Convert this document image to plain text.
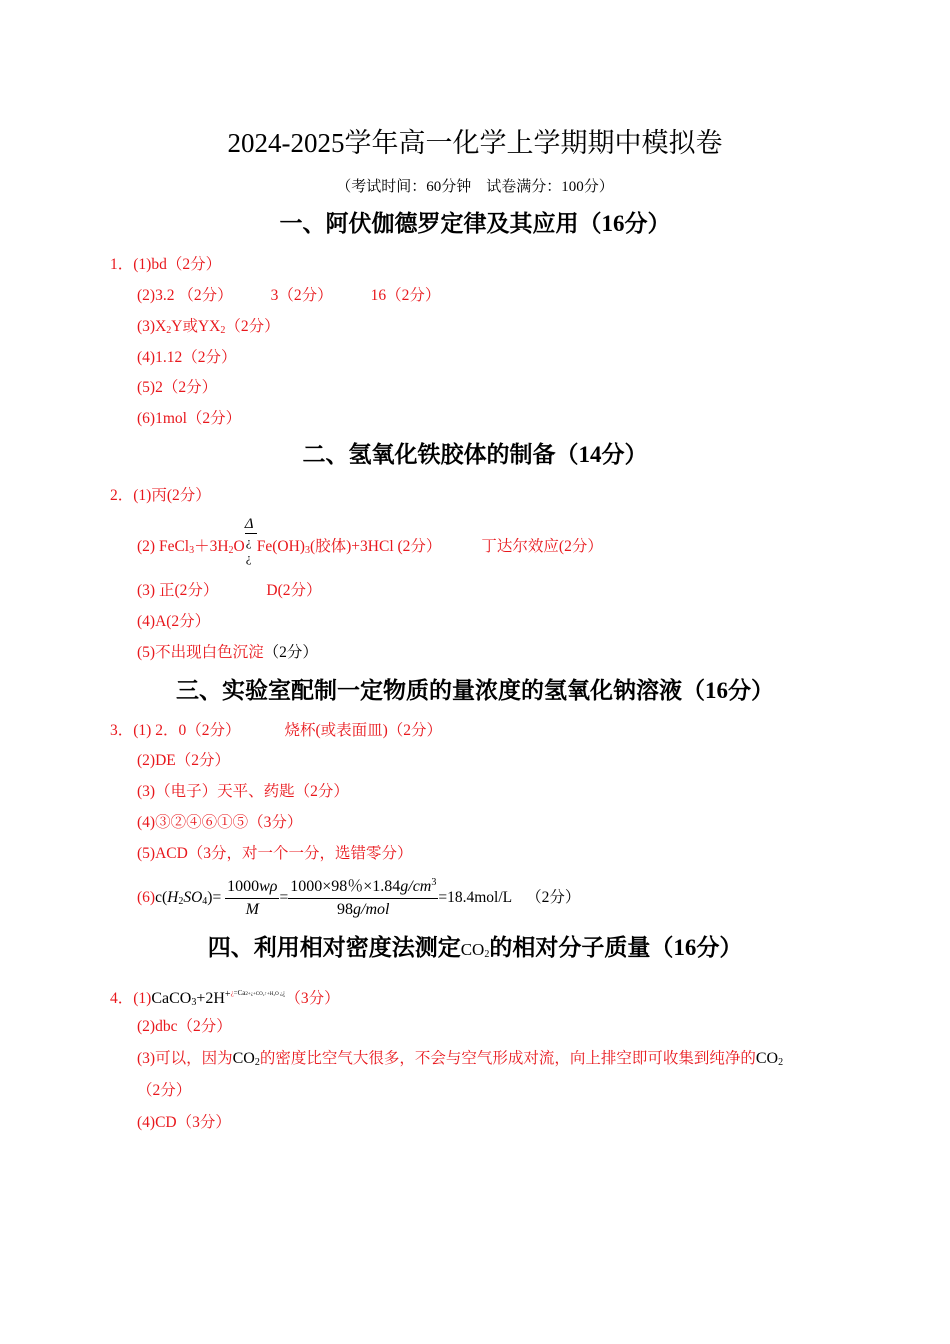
2024-2025学年高一化学上学期期中模拟卷
（考试时间：60分钟　试卷满分：100分）
一、阿伏伽德罗定律及其应用（16分）
1．(1)bd（2分）
(2)3.2 （2分） 3（2分） 16（2分）
$(3)X_2Y$或$YX_2(2$分）
(4)1.12（2分）
(5)2（2分）
(6)1mol（2分）
二、氢氧化铁胶体的制备（14分）
2．(1)丙(2分）
(2) $FeCl_3+3H_2O$
Δ
¿
¿
$Fe(OH)_3$(胶体)+3HCl (2分）	丁达尔效应(2分）
(3) 正(2分）	D(2分）
(4)A(2分）
(5)不出现白色沉淀（2分）
三、实验室配制一定物质的量浓度的氢氧化钠溶液（16分）
3．(1) 2．0（2分）	烧杯(或表面皿)（2分）
(2)DE（2分）
(3)（电子）天平、药匙（2分）
(4)③②④⑥①⑤（3分）
(5)ACD（3分，对一个一分，选错零分）
$(6)c(H_2SO_4)= \frac{1000w\rho}{M} = \frac{1000\times 98\%\times 1.84g/cm^3}{\text{98g/mol}} =18.4mol/L$ （2分）
四、利用相对密度法测定$CO_2$的相对分子质量（16分）
4．$(1)CaCO_3+2H^{+¿=Ca2+¿+CO_2↑+H_2O ¿¿}(3$分）
(2)dbc（2分）
(3)可以，因为$CO_2$的密度比空气大很多，不会与空气形成对流，向上排空即可收集到纯净的$CO_2$
（2分）
(4)CD（3分）
